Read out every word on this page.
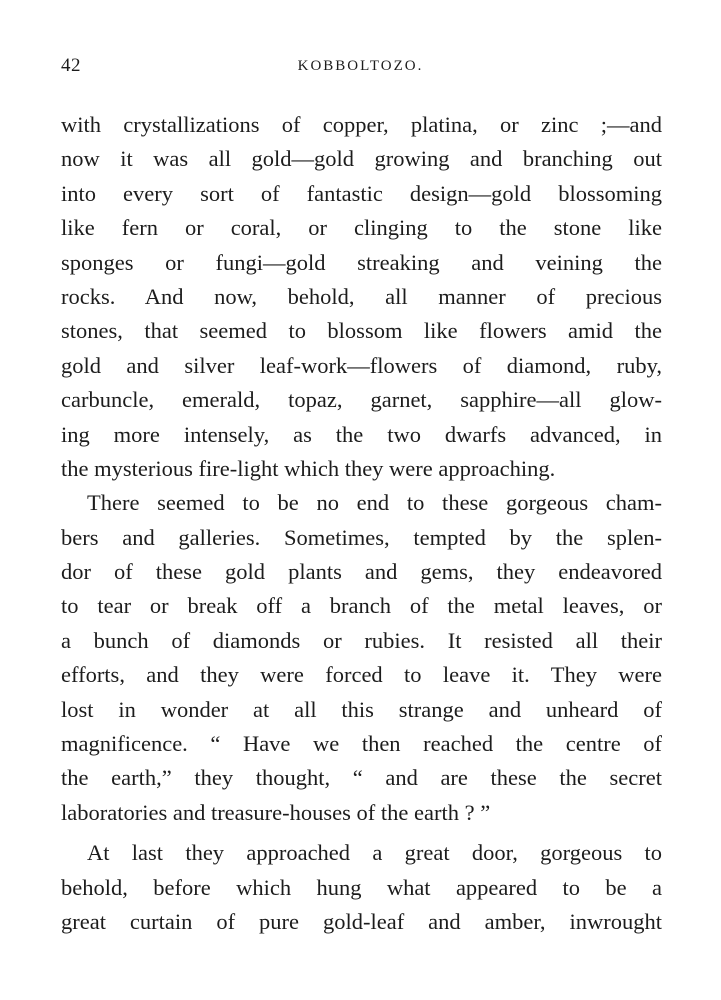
42	KOBBOLTOZO.
with crystallizations of copper, platina, or zinc ;—and
now it was all gold—gold growing and branching out
into every sort of fantastic design—gold blossoming
like fern or coral, or clinging to the stone like
sponges or fungi—gold streaking and veining the
rocks. And now, behold, all manner of precious
stones, that seemed to blossom like flowers amid the
gold and silver leaf-work—flowers of diamond, ruby,
carbuncle, emerald, topaz, garnet, sapphire—all glow-
ing more intensely, as the two dwarfs advanced, in
the mysterious fire-light which they were approaching.
There seemed to be no end to these gorgeous cham-
bers and galleries. Sometimes, tempted by the splen-
dor of these gold plants and gems, they endeavored
to tear or break off a branch of the metal leaves, or
a bunch of diamonds or rubies. It resisted all their
efforts, and they were forced to leave it. They were
lost in wonder at all this strange and unheard of
magnificence. “ Have we then reached the centre of
the earth,” they thought, “ and are these the secret
laboratories and treasure-houses of the earth ? ”
At last they approached a great door, gorgeous to
behold, before which hung what appeared to be a
great curtain of pure gold-leaf and amber, inwrought
